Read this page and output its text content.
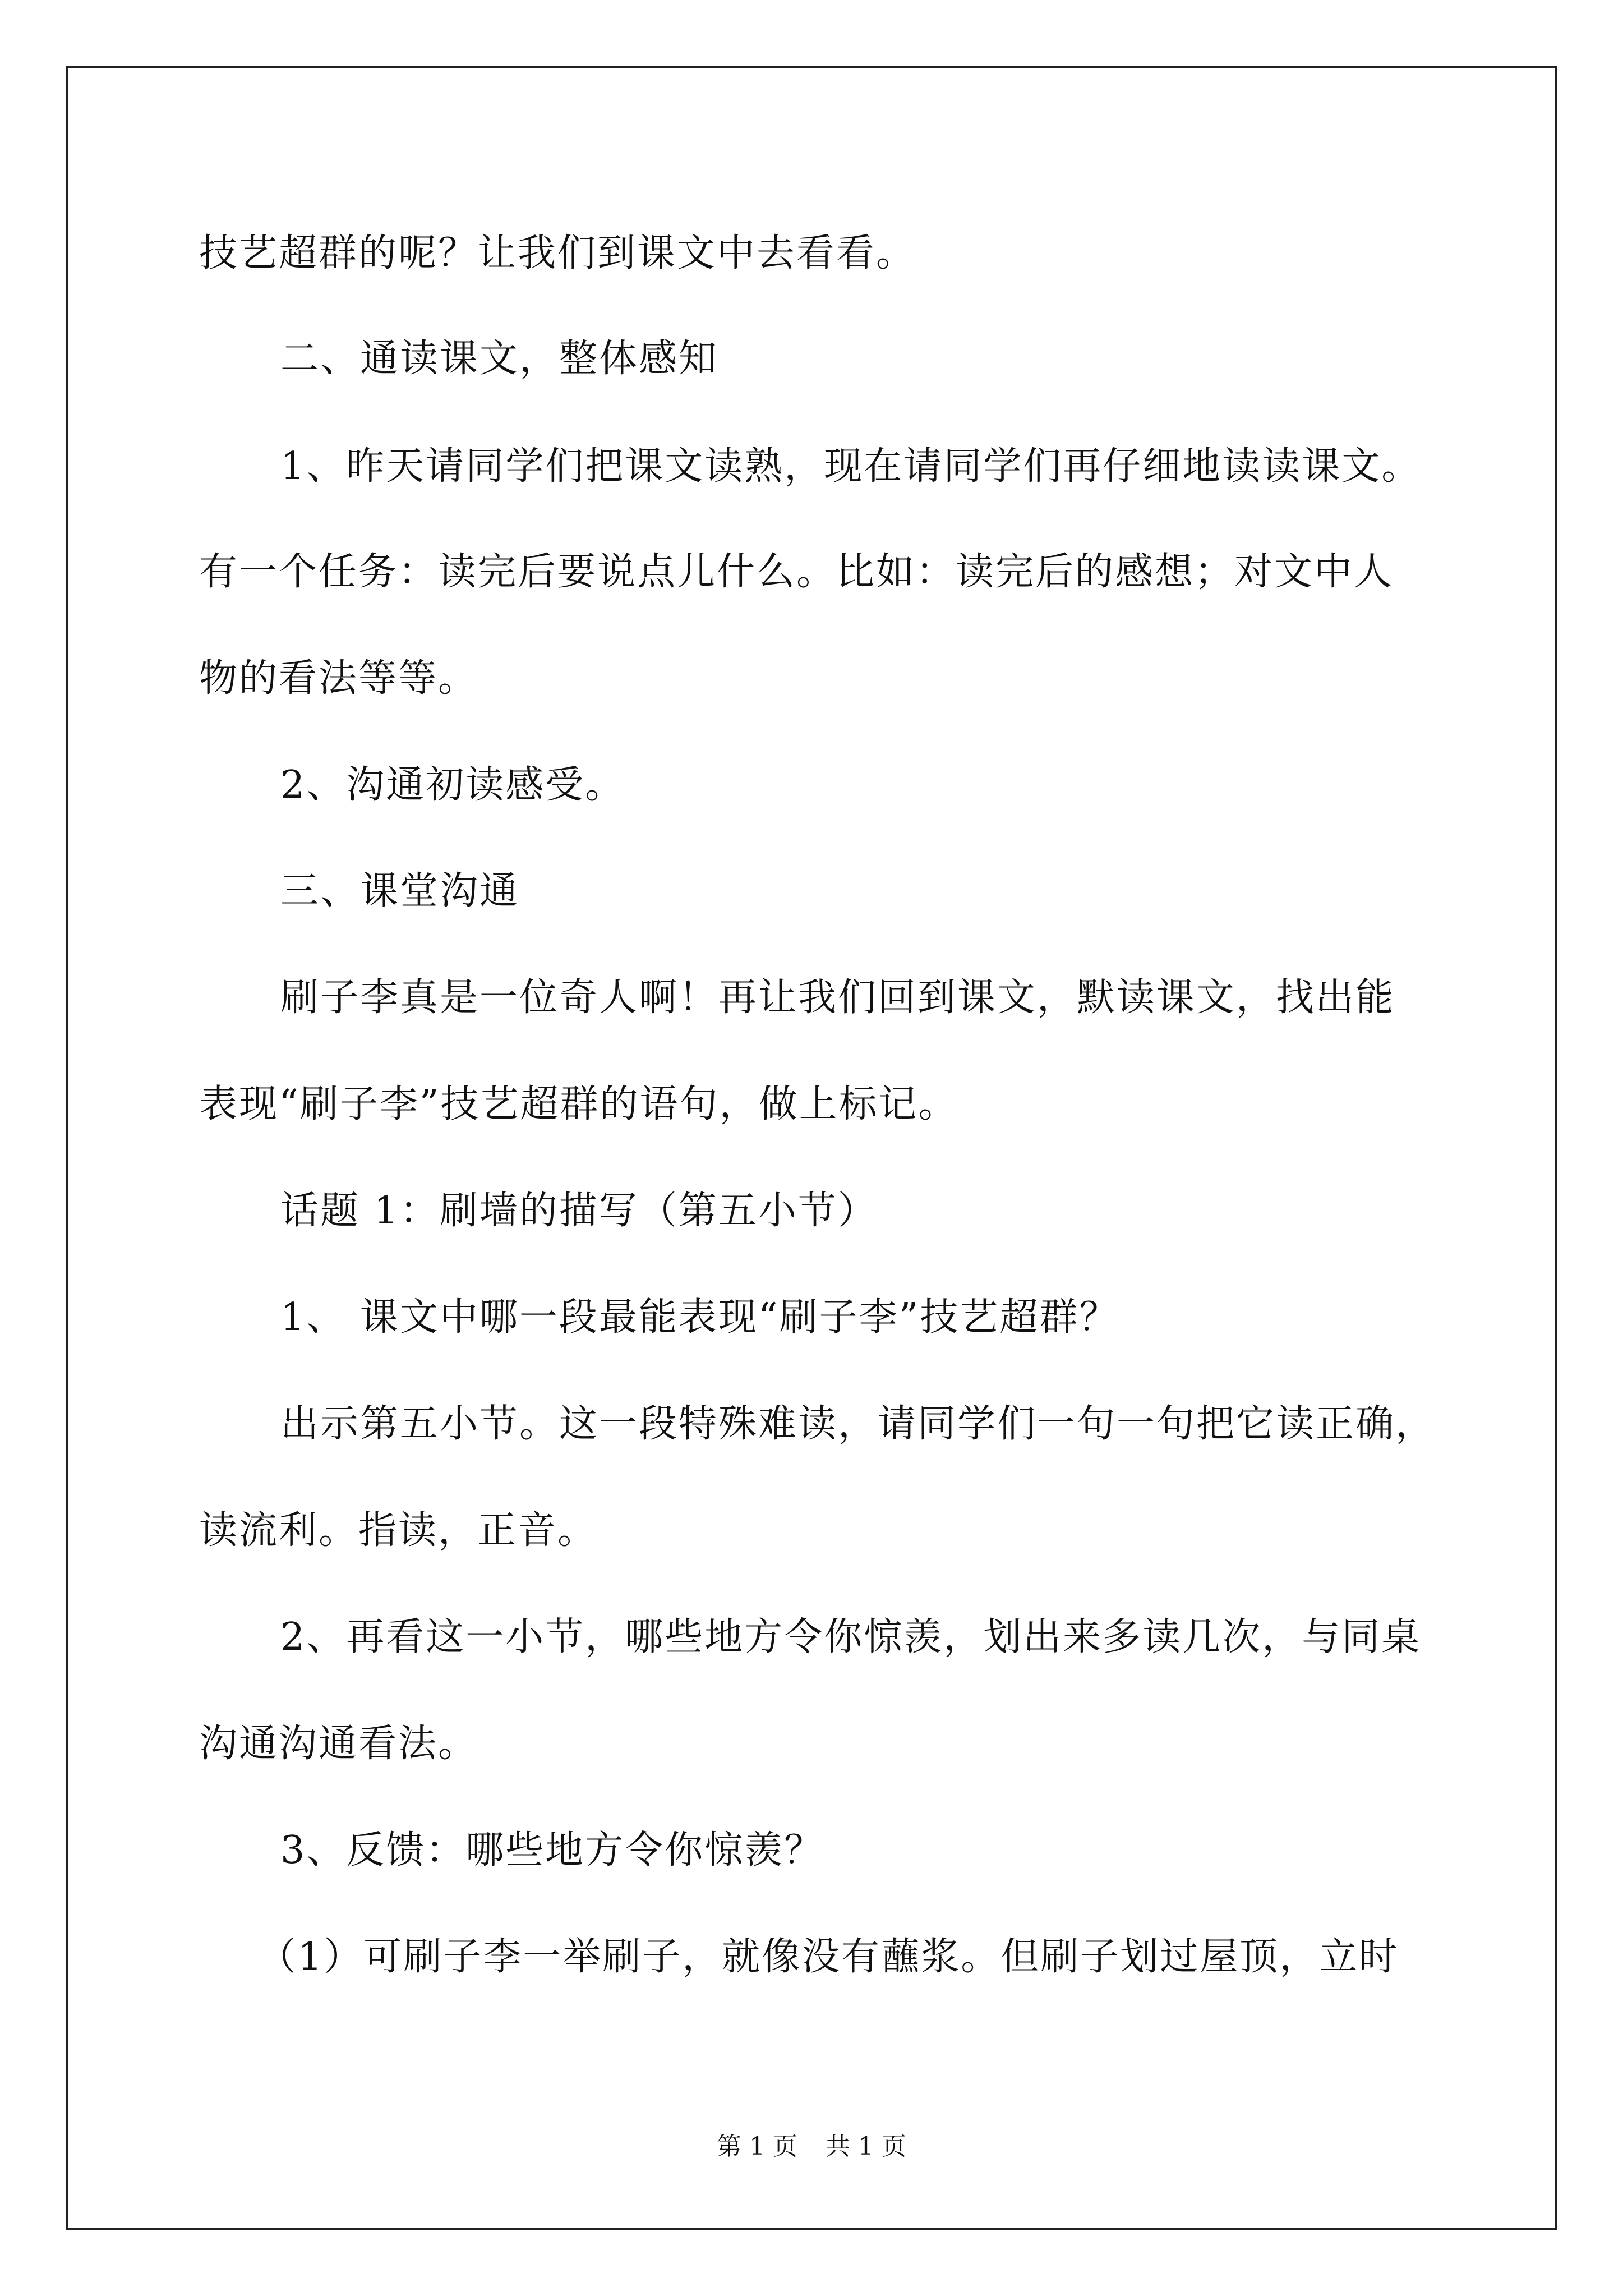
技艺超群的呢？让我们到课文中去看看。
二、通读课文，整体感知
1、昨天请同学们把课文读熟，现在请同学们再仔细地读读课文。
有一个任务：读完后要说点儿什么。比如：读完后的感想；对文中人
物的看法等等。
2、沟通初读感受。
三、课堂沟通
刷子李真是一位奇人啊！再让我们回到课文，默读课文，找出能
表现“刷子李”技艺超群的语句，做上标记。
话题 1：刷墙的描写（第五小节）
1、 课文中哪一段最能表现“刷子李”技艺超群？
出示第五小节。这一段特殊难读，请同学们一句一句把它读正确，
读流利。指读，正音。
2、再看这一小节，哪些地方令你惊羡，划出来多读几次，与同桌
沟通沟通看法。
3、反馈：哪些地方令你惊羡？
（1）可刷子李一举刷子，就像没有蘸浆。但刷子划过屋顶，立时
第 1 页 共 1 页
